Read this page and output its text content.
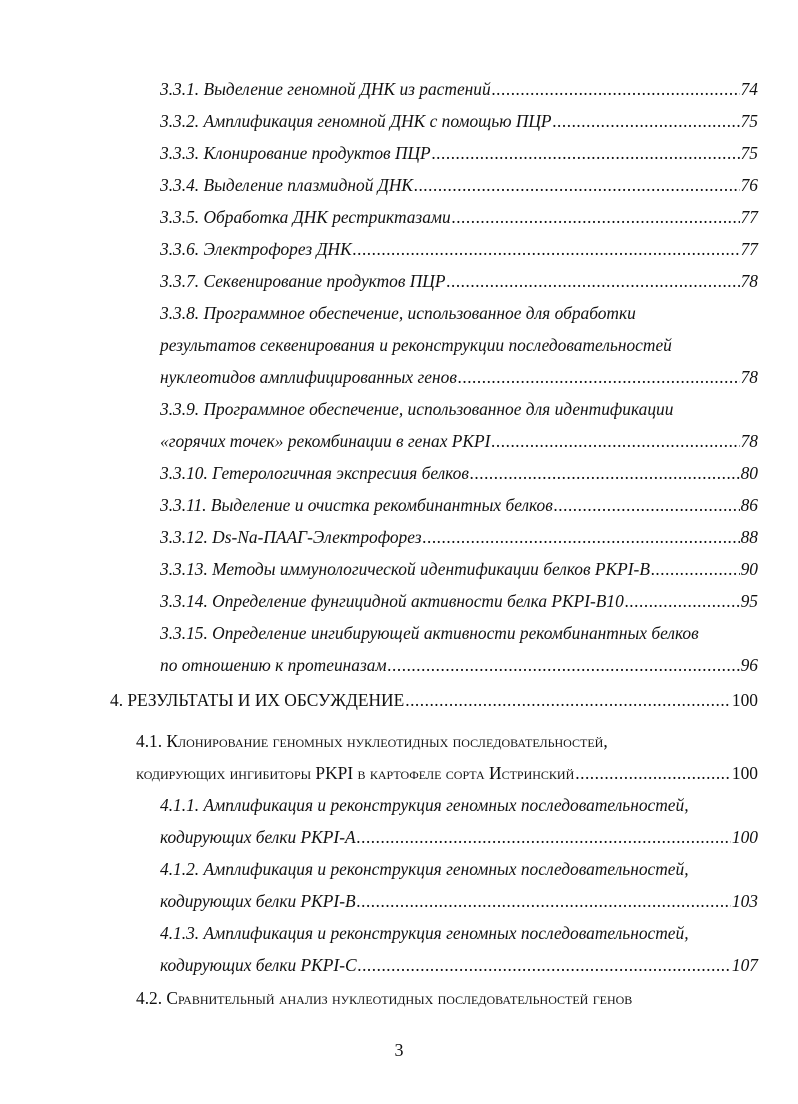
3.3.1. Выделение геномной ДНК из растений .....	74
3.3.2. Амплификация геномной ДНК с помощью ПЦР .....	75
3.3.3. Клонирование продуктов ПЦР .....	75
3.3.4. Выделение плазмидной ДНК .....	76
3.3.5. Обработка ДНК рестриктазами .....	77
3.3.6. Электрофорез ДНК .....	77
3.3.7. Секвенирование продуктов ПЦР .....	78
3.3.8. Программное обеспечение, использованное для обработки
результатов секвенирования и реконструкции последовательностей
нуклеотидов амплифицированных генов .....	78
3.3.9. Программное обеспечение, использованное для идентификации
«горячих точек» рекомбинации в генах PKPI .....	78
3.3.10. Гетерологичная экспресиия белков .....	80
3.3.11. Выделение и очистка рекомбинантных белков .....	86
3.3.12. Ds-Na-ПААГ-Электрофорез .....	88
3.3.13. Методы иммунологической идентификации белков PKPI-B .....	90
3.3.14. Определение фунгицидной активности белка PKPI-B10 .....	95
3.3.15. Определение ингибирующей активности рекомбинантных белков
по отношению к протеиназам .....	96
4. РЕЗУЛЬТАТЫ И ИХ ОБСУЖДЕНИЕ .....	100
4.1. Клонирование геномных нуклеотидных последовательностей,
кодирующих ингибиторы PKPI в картофеле сорта Истринский .....	100
4.1.1. Амплификация и реконструкция геномных последовательностей,
кодирующих белки PKPI-A .....	100
4.1.2. Амплификация и реконструкция геномных последовательностей,
кодирующих белки PKPI-B .....	103
4.1.3. Амплификация и реконструкция геномных последовательностей,
кодирующих белки PKPI-C .....	107
4.2. Сравнительный анализ нуклеотидных последовательностей генов
3
